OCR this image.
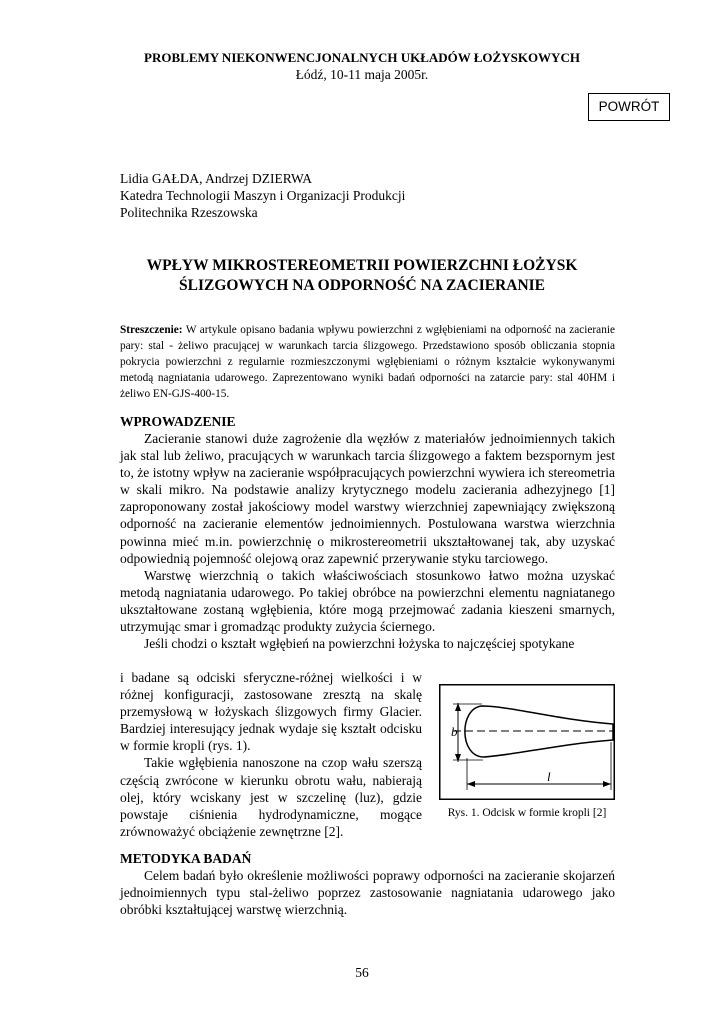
PROBLEMY NIEKONWENCJONALNYCH UKŁADÓW ŁOŻYSKOWYCH
Łódź, 10-11 maja 2005r.
POWRÓT
Lidia GAŁDA, Andrzej DZIERWA
Katedra Technologii Maszyn i Organizacji Produkcji
Politechnika Rzeszowska
WPŁYW MIKROSTEREOMETRII POWIERZCHNI ŁOŻYSK
ŚLIZGOWYCH NA ODPORNOŚĆ NA ZACIERANIE
Streszczenie: W artykule opisano badania wpływu powierzchni z wgłębieniami na odporność na zacieranie pary: stal - żeliwo pracującej w warunkach tarcia ślizgowego. Przedstawiono sposób obliczania stopnia pokrycia powierzchni z regularnie rozmieszczonymi wgłębieniami o różnym kształcie wykonywanymi metodą nagniatania udarowego. Zaprezentowano wyniki badań odporności na zatarcie pary: stal 40HM i żeliwo EN-GJS-400-15.
WPROWADZENIE

Zacieranie stanowi duże zagrożenie dla węzłów z materiałów jednoimiennych takich jak stal lub żeliwo, pracujących w warunkach tarcia ślizgowego a faktem bezspornym jest to, że istotny wpływ na zacieranie współpracujących powierzchni wywiera ich stereometria w skali mikro. Na podstawie analizy krytycznego modelu zacierania adhezyjnego [1] zaproponowany został jakościowy model warstwy wierzchniej zapewniający zwiększoną odporność na zacieranie elementów jednoimiennych. Postulowana warstwa wierzchnia powinna mieć m.in. powierzchnię o mikrostereometrii ukształtowanej tak, aby uzyskać odpowiednią pojemność olejową oraz zapewnić przerywanie styku tarciowego.

Warstwę wierzchnią o takich właściwościach stosunkowo łatwo można uzyskać metodą nagniatania udarowego. Po takiej obróbce na powierzchni elementu nagniatanego ukształtowane zostaną wgłębienia, które mogą przejmować zadania kieszeni smarnych, utrzymując smar i gromadząc produkty zużycia ściernego.

Jeśli chodzi o kształt wgłębień na powierzchni łożyska to najczęściej spotykane

i badane są odciski sferyczne-różnej wielkości i w różnej konfiguracji, zastosowane zresztą na skalę przemysłową w łożyskach ślizgowych firmy Glacier. Bardziej interesujący jednak wydaje się kształt odcisku w formie kropli (rys. 1).

Takie wgłębienia nanoszone na czop wału szerszą częścią zwrócone w kierunku obrotu wału, nabierają olej, który wciskany jest w szczelinę (luz), gdzie powstaje ciśnienia hydrodynamiczne, mogące zrównoważyć obciążenie zewnętrzne [2].

b
l
Rys. 1. Odcisk w formie kropli [2]
METODYKA BADAŃ

Celem badań było określenie możliwości poprawy odporności na zacieranie skojarzeń jednoimiennych typu stal-żeliwo poprzez zastosowanie nagniatania udarowego jako obróbki kształtującej warstwę wierzchnią.

56
